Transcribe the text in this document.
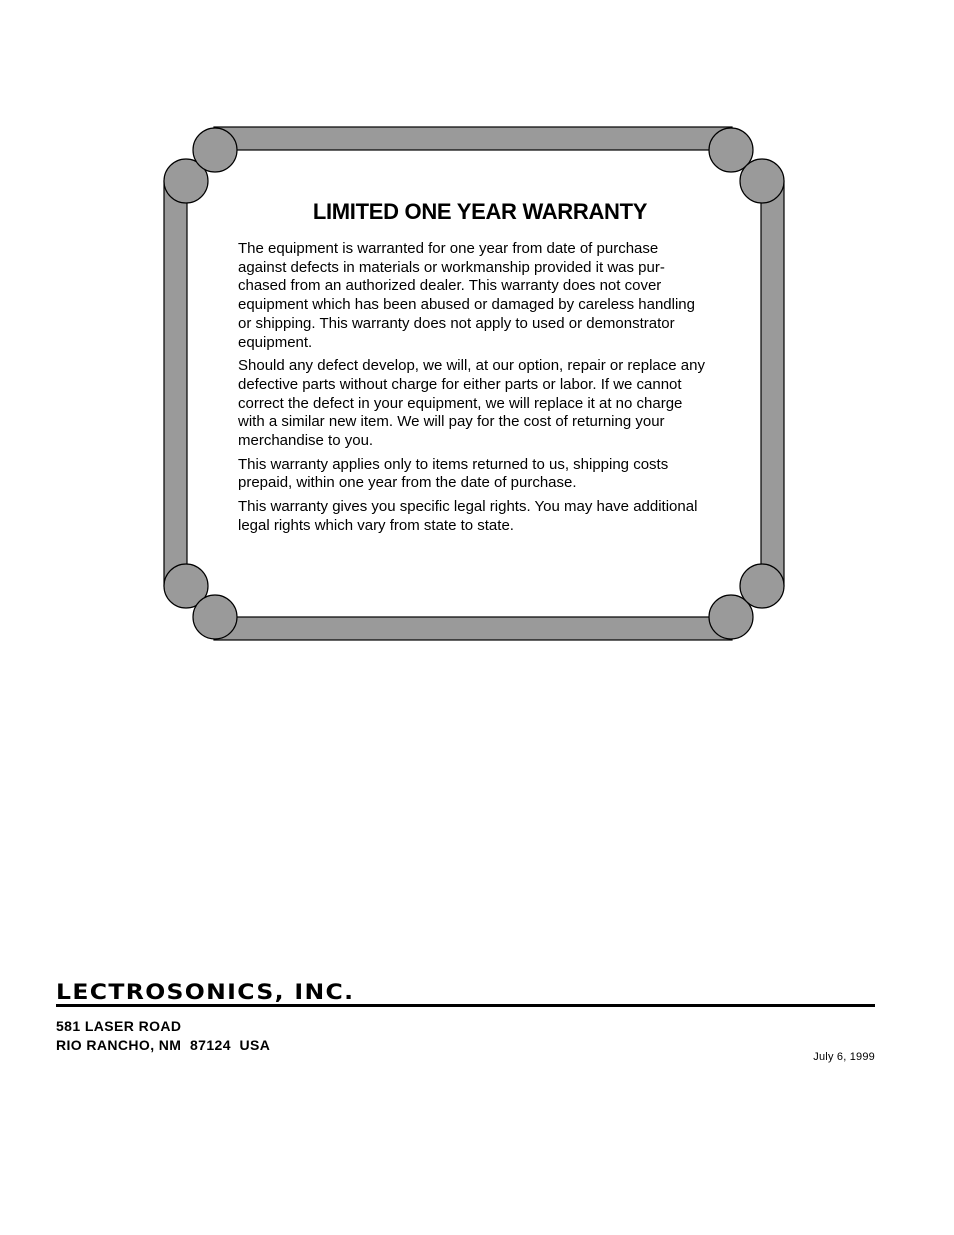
LIMITED ONE YEAR WARRANTY

The equipment is warranted for one year from date of purchase
against defects in materials or workmanship provided it was pur-
chased from an authorized dealer. This warranty does not cover
equipment which has been abused or damaged by careless handling
or shipping. This warranty does not apply to used or demonstrator
equipment.

Should any defect develop, we will, at our option, repair or replace any
defective parts without charge for either parts or labor. If we cannot
correct the defect in your equipment, we will replace it at no charge
with a similar new item. We will pay for the cost of returning your
merchandise to you.

This warranty applies only to items returned to us, shipping costs
prepaid, within one year from the date of purchase.

This warranty gives you specific legal rights. You may have additional
legal rights which vary from state to state.

LECTROSONICS, INC.
581 LASER ROAD
RIO RANCHO, NM  87124  USA
July 6, 1999
